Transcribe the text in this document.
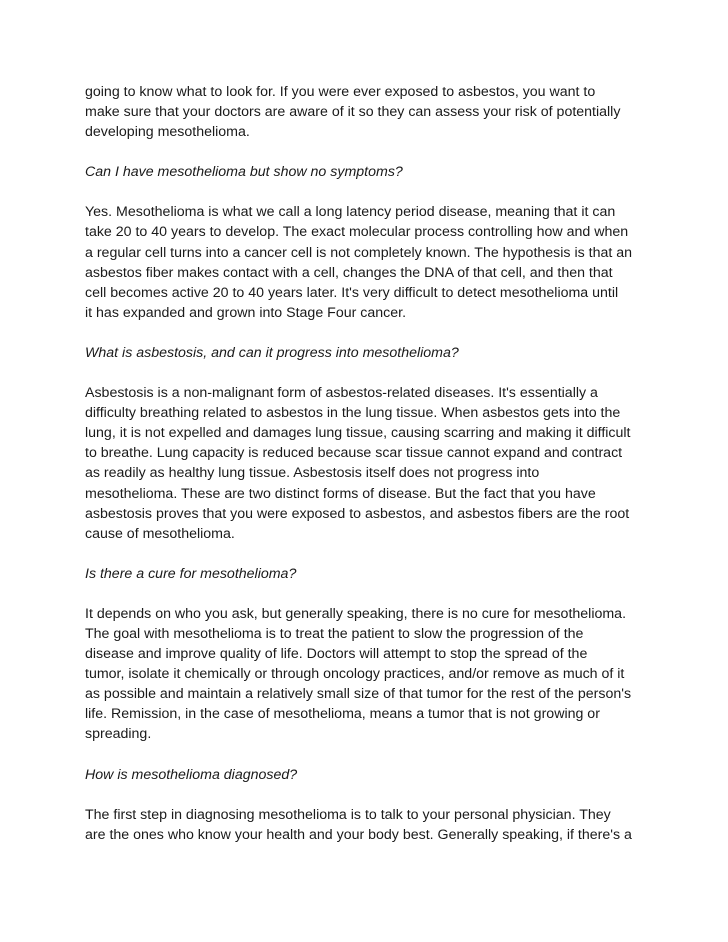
going to know what to look for. If you were ever exposed to asbestos, you want to
make sure that your doctors are aware of it so they can assess your risk of potentially
developing mesothelioma.

Can I have mesothelioma but show no symptoms?

Yes. Mesothelioma is what we call a long latency period disease, meaning that it can
take 20 to 40 years to develop. The exact molecular process controlling how and when
a regular cell turns into a cancer cell is not completely known. The hypothesis is that an
asbestos fiber makes contact with a cell, changes the DNA of that cell, and then that
cell becomes active 20 to 40 years later. It's very difficult to detect mesothelioma until
it has expanded and grown into Stage Four cancer.

What is asbestosis, and can it progress into mesothelioma?

Asbestosis is a non-malignant form of asbestos-related diseases. It's essentially a
difficulty breathing related to asbestos in the lung tissue. When asbestos gets into the
lung, it is not expelled and damages lung tissue, causing scarring and making it difficult
to breathe. Lung capacity is reduced because scar tissue cannot expand and contract
as readily as healthy lung tissue. Asbestosis itself does not progress into
mesothelioma. These are two distinct forms of disease. But the fact that you have
asbestosis proves that you were exposed to asbestos, and asbestos fibers are the root
cause of mesothelioma.

Is there a cure for mesothelioma?

It depends on who you ask, but generally speaking, there is no cure for mesothelioma.
The goal with mesothelioma is to treat the patient to slow the progression of the
disease and improve quality of life. Doctors will attempt to stop the spread of the
tumor, isolate it chemically or through oncology practices, and/or remove as much of it
as possible and maintain a relatively small size of that tumor for the rest of the person's
life. Remission, in the case of mesothelioma, means a tumor that is not growing or
spreading.

How is mesothelioma diagnosed?

The first step in diagnosing mesothelioma is to talk to your personal physician. They
are the ones who know your health and your body best. Generally speaking, if there's a
